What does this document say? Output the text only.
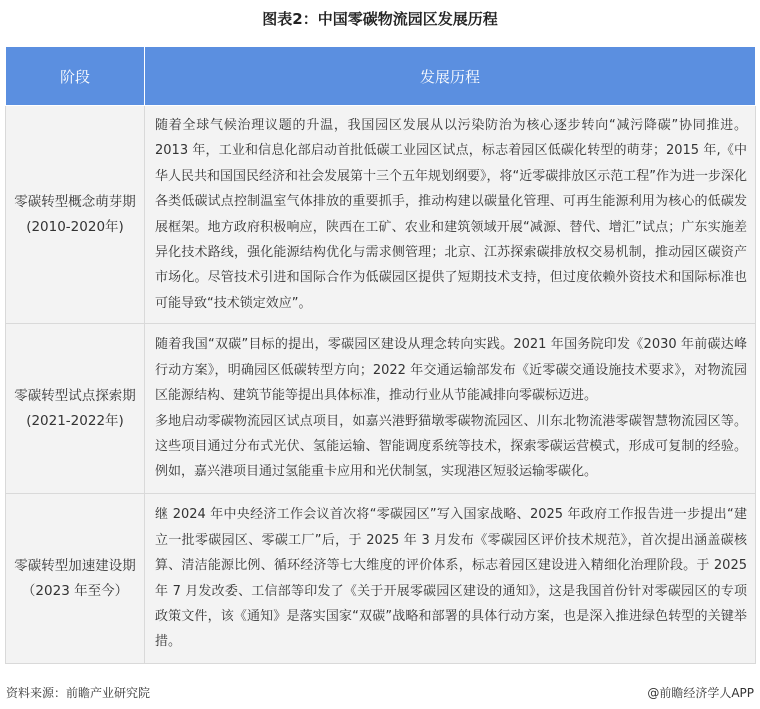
图表2：中国零碳物流园区发展历程
阶段	发展历程
零碳转型概念萌芽期(2010-2020年)	随着全球气候治理议题的升温，我国园区发展从以污染防治为核心逐步转向“减污降碳”协同推进。2013 年，工业和信息化部启动首批低碳工业园区试点，标志着园区低碳化转型的萌芽；2015 年,《中华人民共和国国民经济和社会发展第十三个五年规划纲要》，将“近零碳排放区示范工程”作为进一步深化各类低碳试点控制温室气体排放的重要抓手，推动构建以碳量化管理、可再生能源利用为核心的低碳发展框架。地方政府积极响应，陕西在工矿、农业和建筑领域开展“减源、替代、增汇”试点；广东实施差异化技术路线，强化能源结构优化与需求侧管理；北京、江苏探索碳排放权交易机制，推动园区碳资产市场化。尽管技术引进和国际合作为低碳园区提供了短期技术支持，但过度依赖外资技术和国际标准也可能导致“技术锁定效应”。

零碳转型试点探索期(2021-2022年)	随着我国“双碳”目标的提出，零碳园区建设从理念转向实践。2021 年国务院印发《2030 年前碳达峰行动方案》，明确园区低碳转型方向；2022 年交通运输部发布《近零碳交通设施技术要求》，对物流园区能源结构、建筑节能等提出具体标准，推动行业从节能减排向零碳标迈进。

多地启动零碳物流园区试点项目，如嘉兴港野猫墩零碳物流园区、川东北物流港零碳智慧物流园区等。这些项目通过分布式光伏、氢能运输、智能调度系统等技术，探索零碳运营模式，形成可复制的经验。例如，嘉兴港项目通过氢能重卡应用和光伏制氢，实现港区短驳运输零碳化。

零碳转型加速建设期（2023 年至今）	继 2024 年中央经济工作会议首次将“零碳园区”写入国家战略、2025 年政府工作报告进一步提出“建立一批零碳园区、零碳工厂”后，于 2025 年 3 月发布《零碳园区评价技术规范》，首次提出涵盖碳核算、清洁能源比例、循环经济等七大维度的评价体系，标志着园区建设进入精细化治理阶段。于 2025 年 7 月发改委、工信部等印发了《关于开展零碳园区建设的通知》，这是我国首份针对零碳园区的专项政策文件，该《通知》是落实国家“双碳”战略和部署的具体行动方案，也是深入推进绿色转型的关键举措。

资料来源：前瞻产业研究院	@前瞻经济学人APP
